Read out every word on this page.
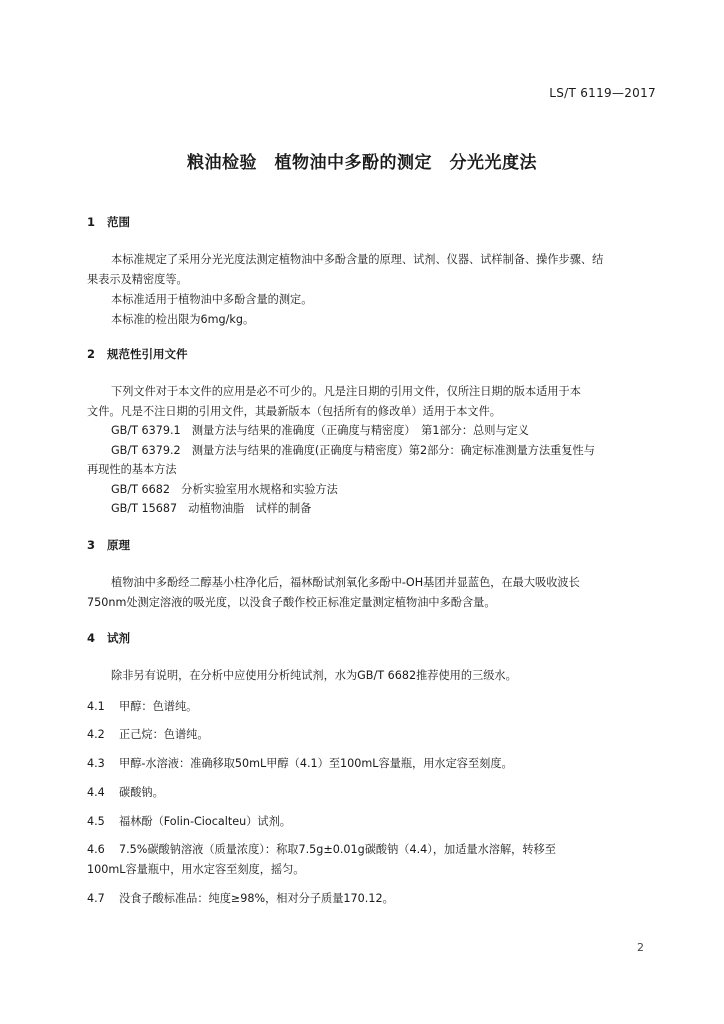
LS/T 6119—2017
粮油检验　植物油中多酚的测定　分光光度法
1 范围
本标准规定了采用分光光度法测定植物油中多酚含量的原理、试剂、仪器、试样制备、操作步骤、结
果表示及精密度等。
本标准适用于植物油中多酚含量的测定。
本标准的检出限为6mg/kg。
2 规范性引用文件
下列文件对于本文件的应用是必不可少的。凡是注日期的引用文件，仅所注日期的版本适用于本
文件。凡是不注日期的引用文件，其最新版本（包括所有的修改单）适用于本文件。
GB/T 6379.1　测量方法与结果的准确度（正确度与精密度）　第1部分：总则与定义
GB/T 6379.2　测量方法与结果的准确度(正确度与精密度）第2部分：确定标准测量方法重复性与
再现性的基本方法
GB/T 6682　分析实验室用水规格和实验方法
GB/T 15687　动植物油脂　试样的制备
3 原理
植物油中多酚经二醇基小柱净化后，福林酚试剂氧化多酚中-OH基团并显蓝色，在最大吸收波长
750nm处测定溶液的吸光度，以没食子酸作校正标准定量测定植物油中多酚含量。
4 试剂
除非另有说明，在分析中应使用分析纯试剂，水为GB/T 6682推荐使用的三级水。
4.1 甲醇：色谱纯。
4.2 正己烷：色谱纯。
4.3 甲醇-水溶液：准确移取50mL甲醇（4.1）至100mL容量瓶，用水定容至刻度。
4.4 碳酸钠。
4.5 福林酚（Folin-Ciocalteu）试剂。
4.6 7.5%碳酸钠溶液（质量浓度）：称取7.5g±0.01g碳酸钠（4.4），加适量水溶解，转移至
100mL容量瓶中，用水定容至刻度，摇匀。
4.7 没食子酸标准品：纯度≥98%，相对分子质量170.12。
2
